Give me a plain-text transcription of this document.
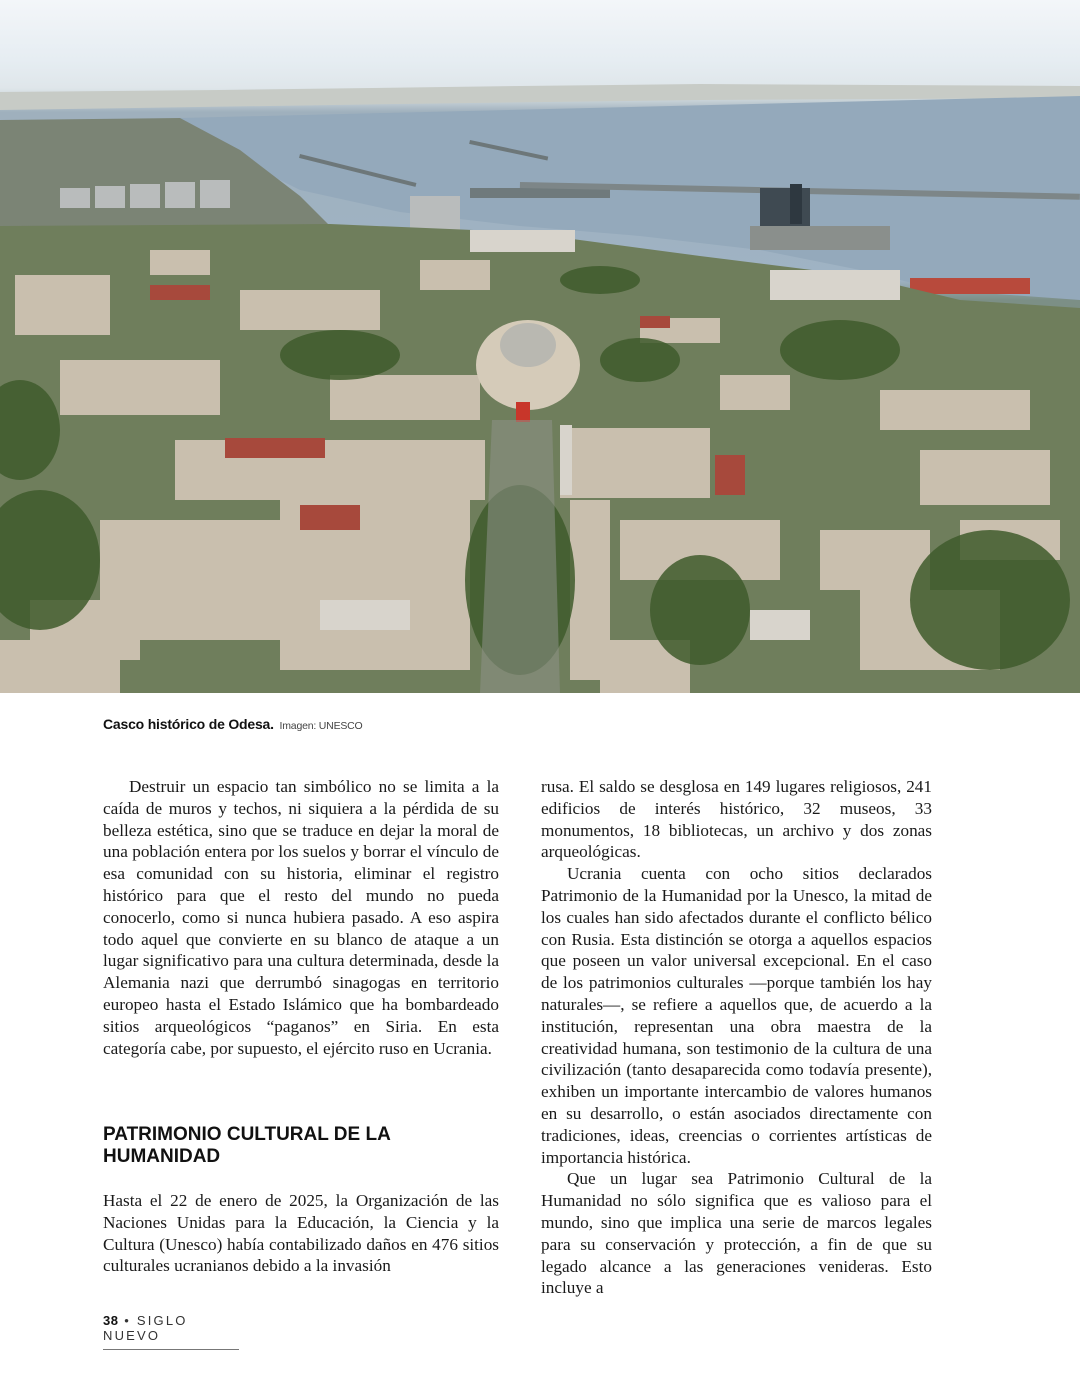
Casco histórico de Odesa. Imagen: UNESCO

Destruir un espacio tan simbólico no se limita a la caída de muros y techos, ni siquiera a la pérdida de su belleza estética, sino que se traduce en dejar la moral de una población entera por los suelos y borrar el vínculo de esa comunidad con su historia, eliminar el registro histórico para que el resto del mundo no pueda conocerlo, como si nunca hubiera pasado. A eso aspira todo aquel que convierte en su blanco de ataque a un lugar significativo para una cultura determinada, desde la Alemania nazi que derrumbó sinagogas en territorio europeo hasta el Estado Islámico que ha bombardeado sitios arqueológicos “paganos” en Siria. En esta categoría cabe, por supuesto, el ejército ruso en Ucrania.

PATRIMONIO CULTURAL DE LA HUMANIDAD

Hasta el 22 de enero de 2025, la Organización de las Naciones Unidas para la Educación, la Ciencia y la Cultura (Unesco) había contabilizado daños en 476 sitios culturales ucranianos debido a la invasión

rusa. El saldo se desglosa en 149 lugares religiosos, 241 edificios de interés histórico, 32 museos, 33 monumentos, 18 bibliotecas, un archivo y dos zonas arqueológicas.

Ucrania cuenta con ocho sitios declarados Patrimonio de la Humanidad por la Unesco, la mitad de los cuales han sido afectados durante el conflicto bélico con Rusia. Esta distinción se otorga a aquellos espacios que poseen un valor universal excepcional. En el caso de los patrimonios culturales —porque también los hay naturales—, se refiere a aquellos que, de acuerdo a la institución, representan una obra maestra de la creatividad humana, son testimonio de la cultura de una civilización (tanto desaparecida como todavía presente), exhiben un importante intercambio de valores humanos en su desarrollo, o están asociados directamente con tradiciones, ideas, creencias o corrientes artísticas de importancia histórica.

Que un lugar sea Patrimonio Cultural de la Humanidad no sólo significa que es valioso para el mundo, sino que implica una serie de marcos legales para su conservación y protección, a fin de que su legado alcance a las generaciones venideras. Esto incluye a

38 • SIGLO NUEVO
